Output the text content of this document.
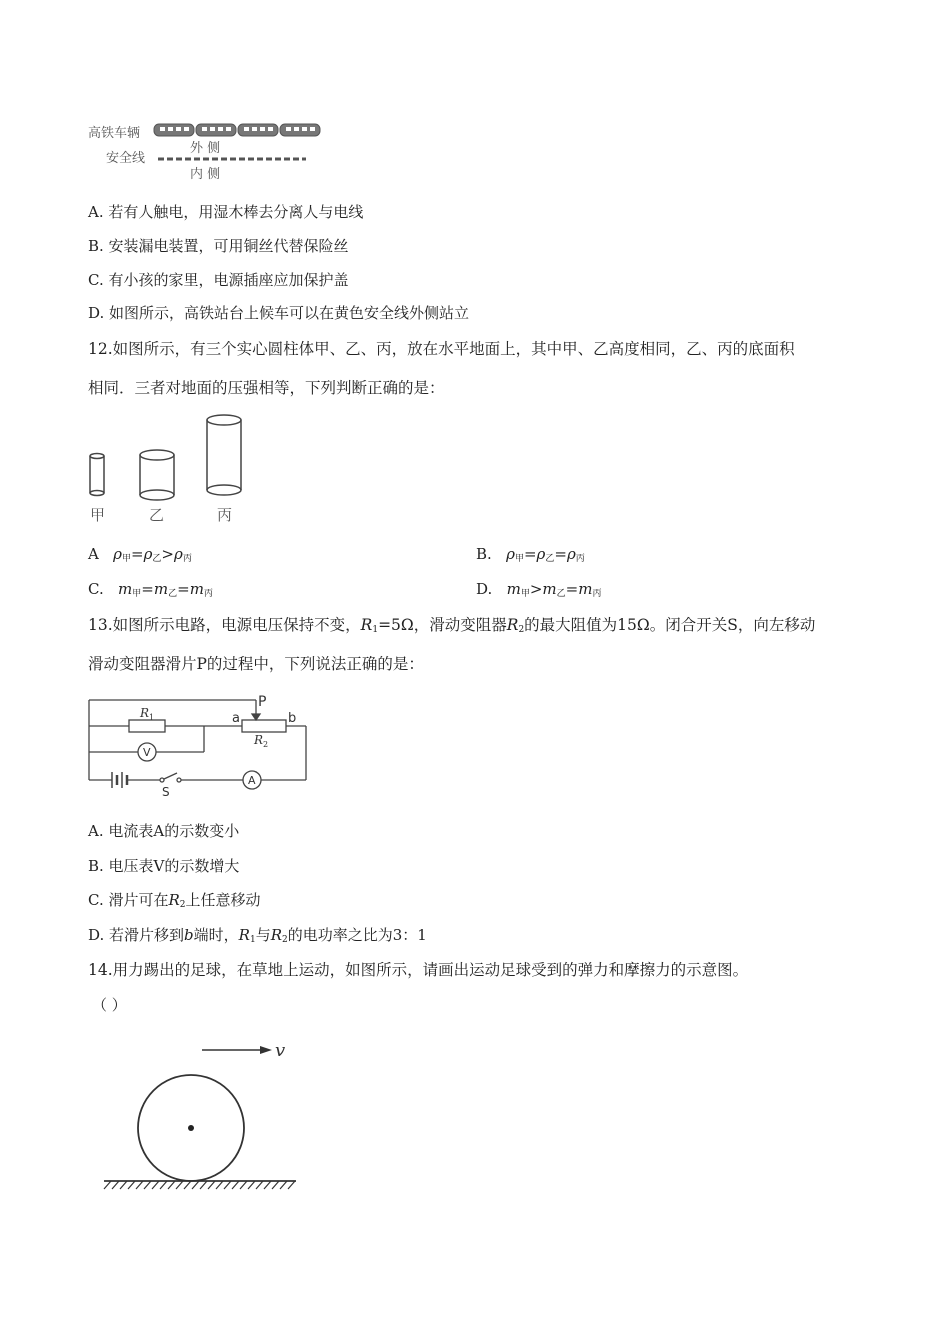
高铁车辆
安全线
外 侧
内 侧
A. 若有人触电，用湿木棒去分离人与电线
B. 安装漏电装置，可用铜丝代替保险丝
C. 有小孩的家里，电源插座应加保护盖
D. 如图所示，高铁站台上候车可以在黄色安全线外侧站立
12.如图所示，有三个实心圆柱体甲、乙、丙，放在水平地面上，其中甲、乙高度相同，乙、丙的底面积
相同．三者对地面的压强相等，下列判断正确的是：
甲	乙	丙
A $\rho_甲=\rho_乙>\rho_丙$	B. $\rho_甲=\rho_乙=\rho_丙$
C. $m_甲=m_乙=m_丙$	D. $m_甲>m_乙=m_丙$
13.如图所示电路，电源电压保持不变，$R_1=5\Omega$，滑动变阻器$R_2$的最大阻值为15Ω。闭合开关S，向左移动
滑动变阻器滑片P的过程中，下列说法正确的是：
P
a	b
$R_1$
$R_2$
V
A
S
A. 电流表A的示数变小
B. 电压表V的示数增大
C. 滑片可在$R_2$上任意移动
D. 若滑片移到b端时，$R_1$与$R_2$的电功率之比为3：1
14.用力踢出的足球，在草地上运动，如图所示，请画出运动足球受到的弹力和摩擦力的示意图。
（ ）
v
